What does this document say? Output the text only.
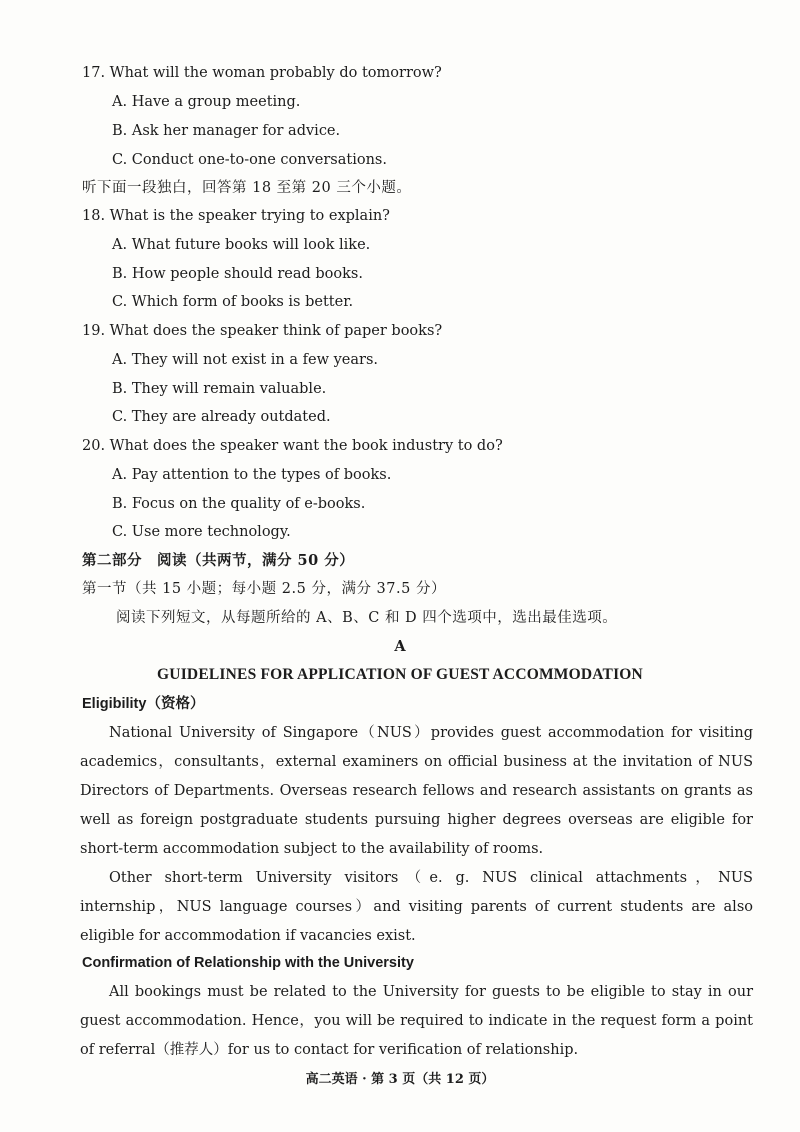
17. What will the woman probably do tomorrow?
A. Have a group meeting.
B. Ask her manager for advice.
C. Conduct one-to-one conversations.
听下面一段独白，回答第 18 至第 20 三个小题。
18. What is the speaker trying to explain?
A. What future books will look like.
B. How people should read books.
C. Which form of books is better.
19. What does the speaker think of paper books?
A. They will not exist in a few years.
B. They will remain valuable.
C. They are already outdated.
20. What does the speaker want the book industry to do?
A. Pay attention to the types of books.
B. Focus on the quality of e-books.
C. Use more technology.
第二部分　阅读（共两节，满分 50 分）
第一节（共 15 小题；每小题 2.5 分，满分 37.5 分）
阅读下列短文，从每题所给的 A、B、C 和 D 四个选项中，选出最佳选项。
A
GUIDELINES FOR APPLICATION OF GUEST ACCOMMODATION
Eligibility（资格）
National University of Singapore（NUS）provides guest accommodation for visiting academics，consultants，external examiners on official business at the invitation of NUS Directors of Departments. Overseas research fellows and research assistants on grants as well as foreign postgraduate students pursuing higher degrees overseas are eligible for short-term accommodation subject to the availability of rooms.
Other short-term University visitors（e. g. NUS clinical attachments，NUS internship，NUS language courses）and visiting parents of current students are also eligible for accommodation if vacancies exist.
Confirmation of Relationship with the University
All bookings must be related to the University for guests to be eligible to stay in our guest accommodation. Hence，you will be required to indicate in the request form a point of referral（推荐人）for us to contact for verification of relationship.
高二英语 · 第 3 页（共 12 页）
